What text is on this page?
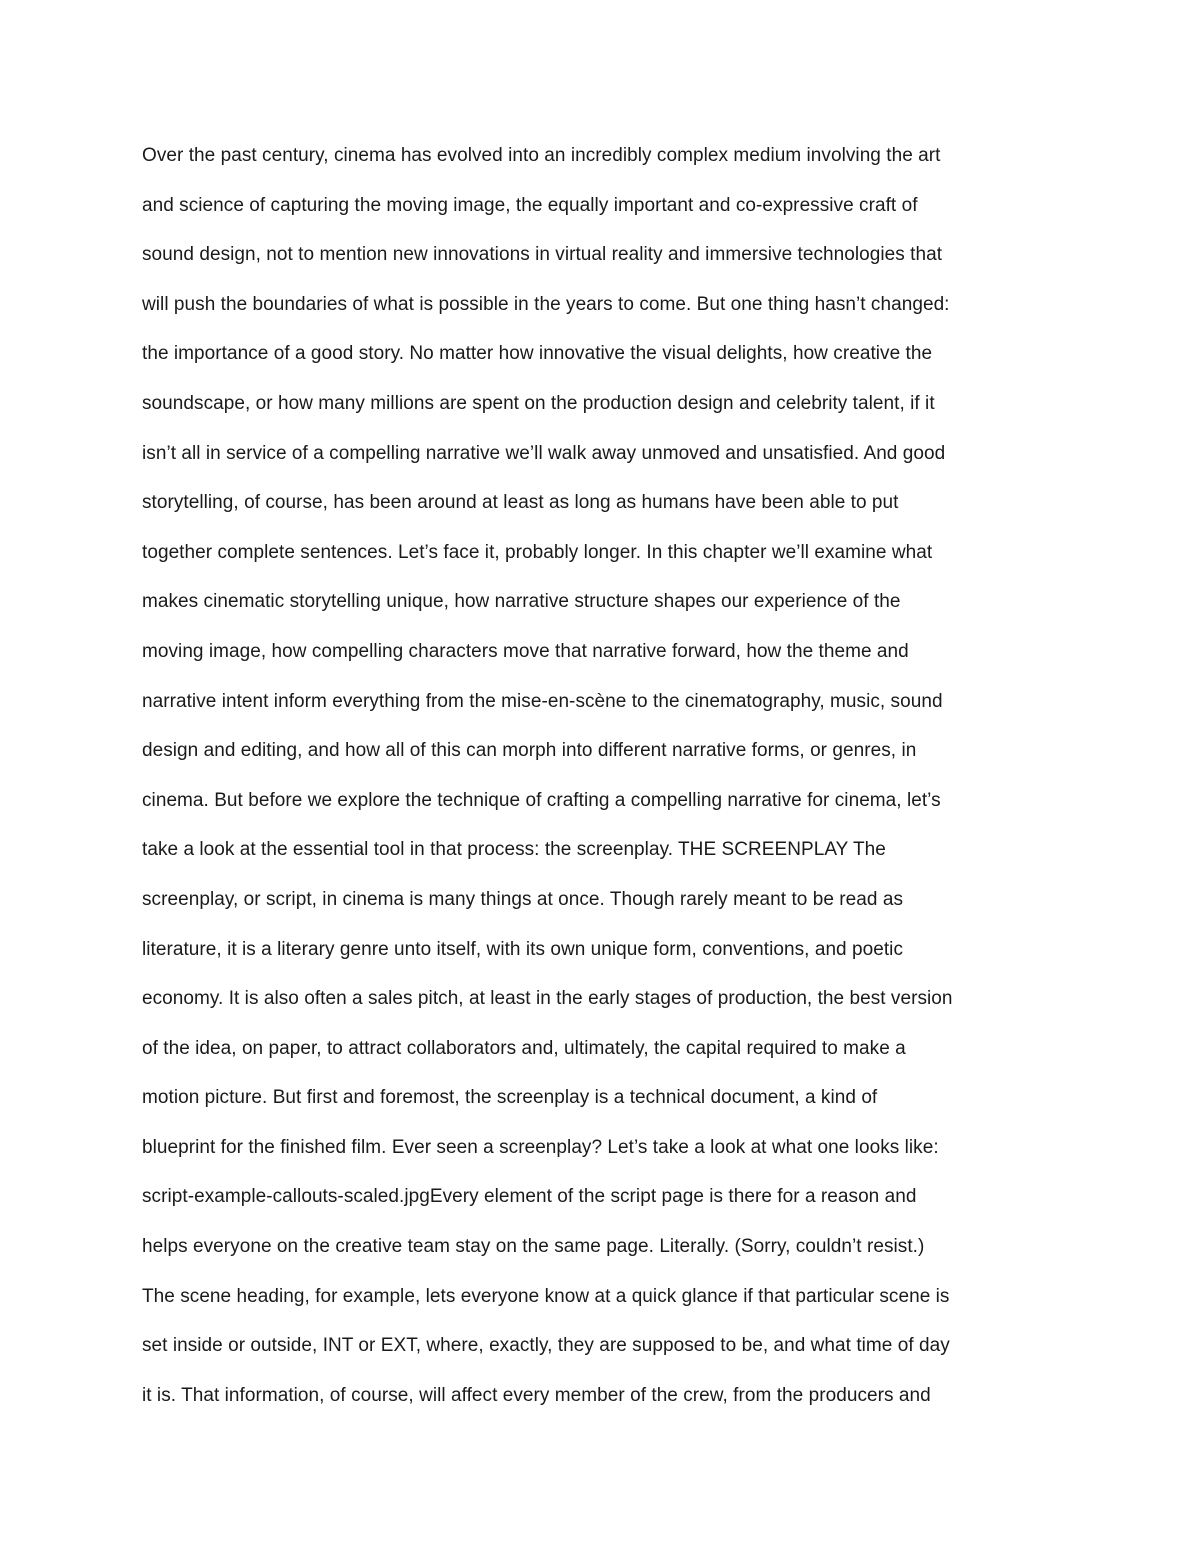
Over the past century, cinema has evolved into an incredibly complex medium involving the art
and science of capturing the moving image, the equally important and co-expressive craft of
sound design, not to mention new innovations in virtual reality and immersive technologies that
will push the boundaries of what is possible in the years to come. But one thing hasn’t changed:
the importance of a good story. No matter how innovative the visual delights, how creative the
soundscape, or how many millions are spent on the production design and celebrity talent, if it
isn’t all in service of a compelling narrative we’ll walk away unmoved and unsatisfied. And good
storytelling, of course, has been around at least as long as humans have been able to put
together complete sentences. Let’s face it, probably longer. In this chapter we’ll examine what
makes cinematic storytelling unique, how narrative structure shapes our experience of the
moving image, how compelling characters move that narrative forward, how the theme and
narrative intent inform everything from the mise-en-scène to the cinematography, music, sound
design and editing, and how all of this can morph into different narrative forms, or genres, in
cinema. But before we explore the technique of crafting a compelling narrative for cinema, let’s
take a look at the essential tool in that process: the screenplay. THE SCREENPLAY The
screenplay, or script, in cinema is many things at once. Though rarely meant to be read as
literature, it is a literary genre unto itself, with its own unique form, conventions, and poetic
economy. It is also often a sales pitch, at least in the early stages of production, the best version
of the idea, on paper, to attract collaborators and, ultimately, the capital required to make a
motion picture. But first and foremost, the screenplay is a technical document, a kind of
blueprint for the finished film. Ever seen a screenplay? Let’s take a look at what one looks like:
script-example-callouts-scaled.jpgEvery element of the script page is there for a reason and
helps everyone on the creative team stay on the same page. Literally. (Sorry, couldn’t resist.)
The scene heading, for example, lets everyone know at a quick glance if that particular scene is
set inside or outside, INT or EXT, where, exactly, they are supposed to be, and what time of day
it is. That information, of course, will affect every member of the crew, from the producers and
